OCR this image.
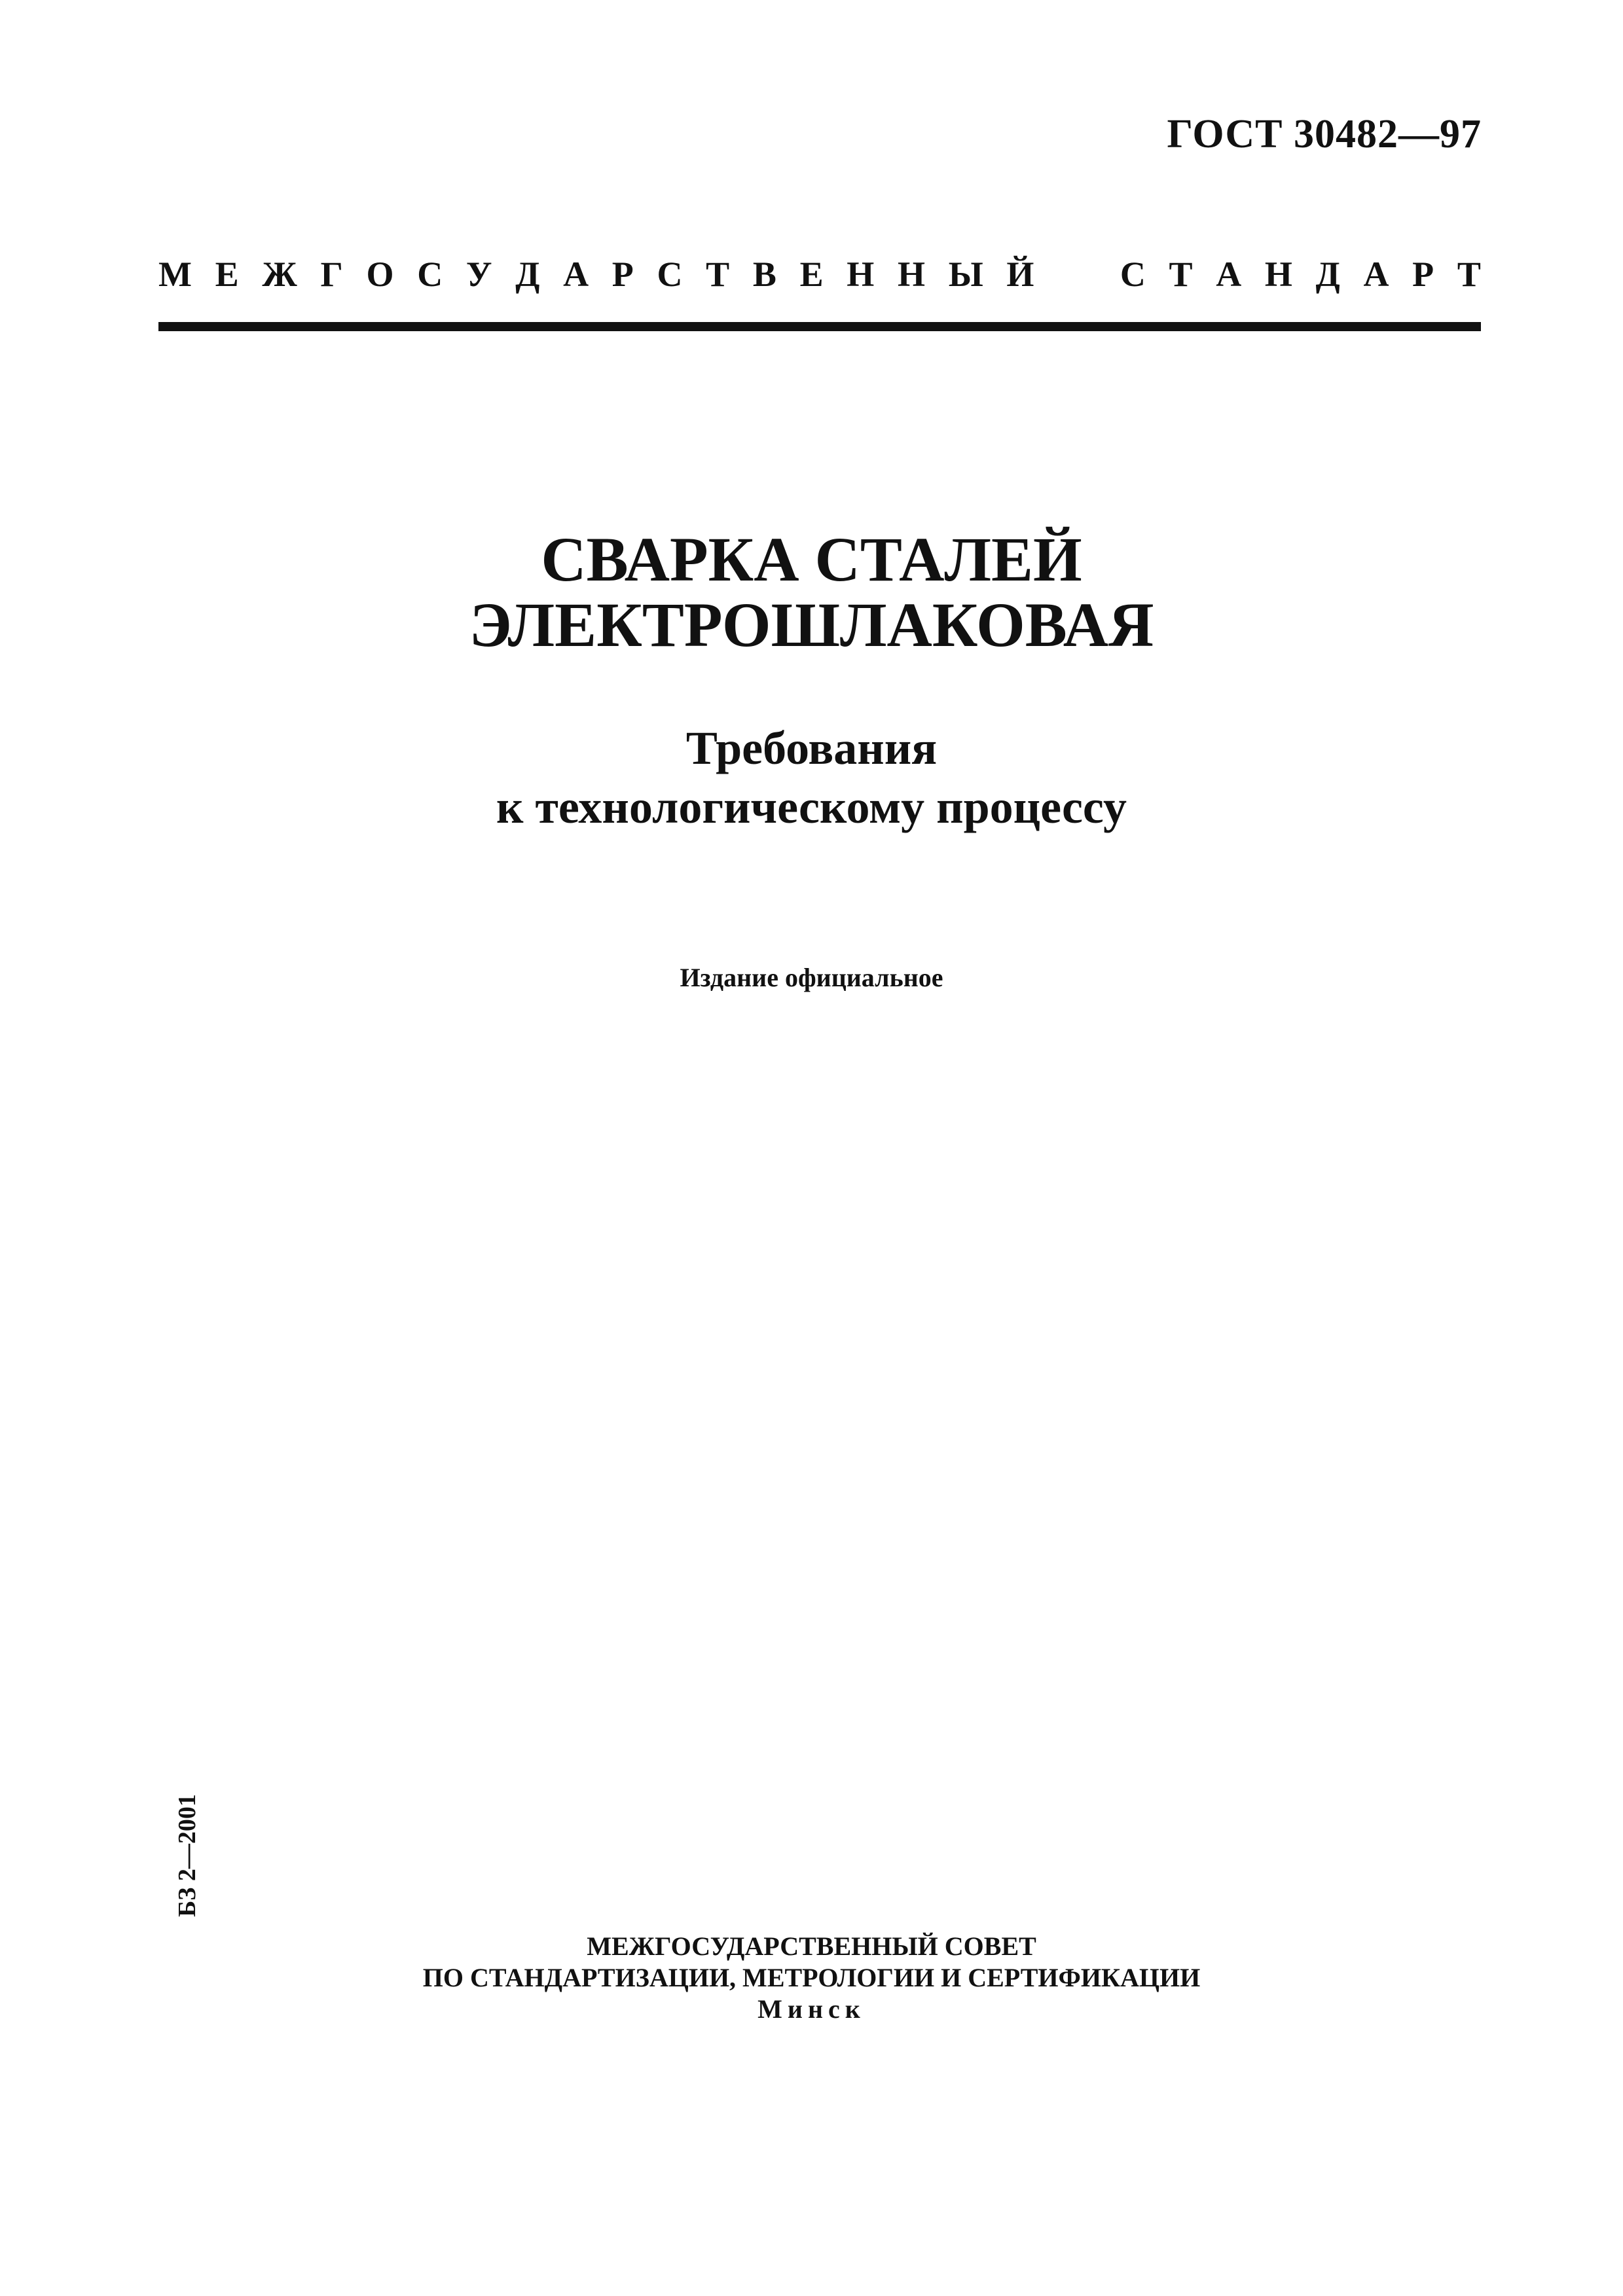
ГОСТ 30482—97
М Е Ж Г О С У Д А Р С Т В Е Н Н Ы Й С Т А Н Д А Р Т
СВАРКА СТАЛЕЙ
ЭЛЕКТРОШЛАКОВАЯ
Требования
к технологическому процессу
Издание официальное
БЗ 2—2001
МЕЖГОСУДАРСТВЕННЫЙ СОВЕТ
ПО СТАНДАРТИЗАЦИИ, МЕТРОЛОГИИ И СЕРТИФИКАЦИИ
Минск
